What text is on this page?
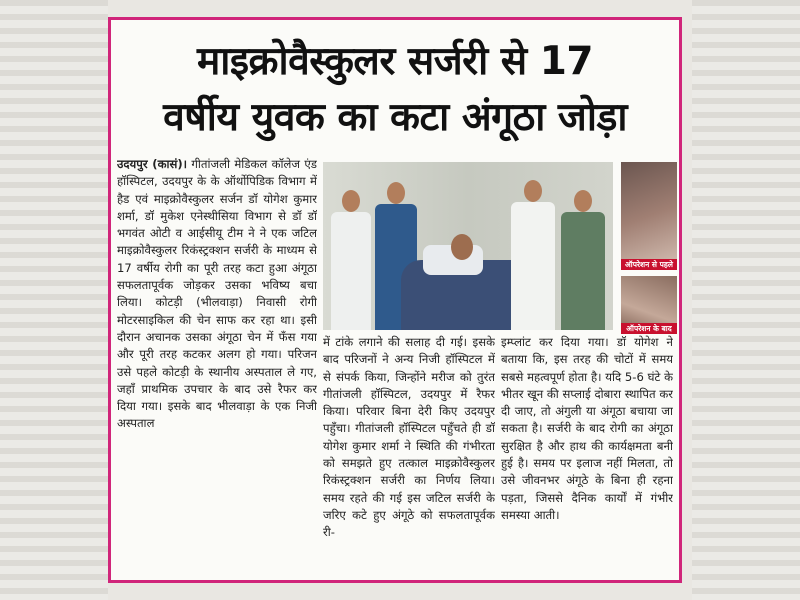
माइक्रोवैस्कुलर सर्जरी से 17
वर्षीय युवक का कटा अंगूठा जोड़ा
उदयपुर (कासं)। गीतांजली मेडिकल कॉलेज एंड हॉस्पिटल, उदयपुर के के ऑर्थोपिडिक विभाग में हैड एवं माइक्रोवैस्कुलर सर्जन डॉ योगेश कुमार शर्मा, डॉ मुकेश एनेस्थीसिया विभाग से डॉ डॉ भगवंत ओटी व आईसीयू टीम ने ने एक जटिल माइक्रोवैस्कुलर रिकंस्ट्रक्शन सर्जरी के माध्यम से 17 वर्षीय रोगी का पूरी तरह कटा हुआ अंगूठा सफलतापूर्वक जोड़कर उसका भविष्य बचा लिया। कोटड़ी (भीलवाड़ा) निवासी रोगी मोटरसाइकिल की चेन साफ कर रहा था। इसी दौरान अचानक उसका अंगूठा चेन में फँस गया और पूरी तरह कटकर अलग हो गया। परिजन उसे पहले कोटड़ी के स्थानीय अस्पताल ले गए, जहाँ प्राथमिक उपचार के बाद उसे रैफर कर दिया गया। इसके बाद भीलवाड़ा के एक निजी अस्पताल
ऑपरेशन से पहले
ऑपरेशन के बाद
में टांके लगाने की सलाह दी गई। इसके बाद परिजनों ने अन्य निजी हॉस्पिटल में से संपर्क किया, जिन्होंने मरीज को तुरंत गीतांजली हॉस्पिटल, उदयपुर में रैफर किया। परिवार बिना देरी किए उदयपुर पहुँचा। गीतांजली हॉस्पिटल पहुँचते ही डॉ योगेश कुमार शर्मा ने स्थिति की गंभीरता को समझते हुए तत्काल माइक्रोवैस्कुलर रिकंस्ट्रक्शन सर्जरी का निर्णय लिया। समय रहते की गई इस जटिल सर्जरी के जरिए कटे हुए अंगूठे को सफलतापूर्वक री-
इम्प्लांट कर दिया गया। डॉ योगेश ने बताया कि, इस तरह की चोटों में समय सबसे महत्वपूर्ण होता है। यदि 5-6 घंटे के भीतर खून की सप्लाई दोबारा स्थापित कर दी जाए, तो अंगुली या अंगूठा बचाया जा सकता है। सर्जरी के बाद रोगी का अंगूठा सुरक्षित है और हाथ की कार्यक्षमता बनी हुई है। समय पर इलाज नहीं मिलता, तो उसे जीवनभर अंगूठे के बिना ही रहना पड़ता, जिससे दैनिक कार्यों में गंभीर समस्या आती।
